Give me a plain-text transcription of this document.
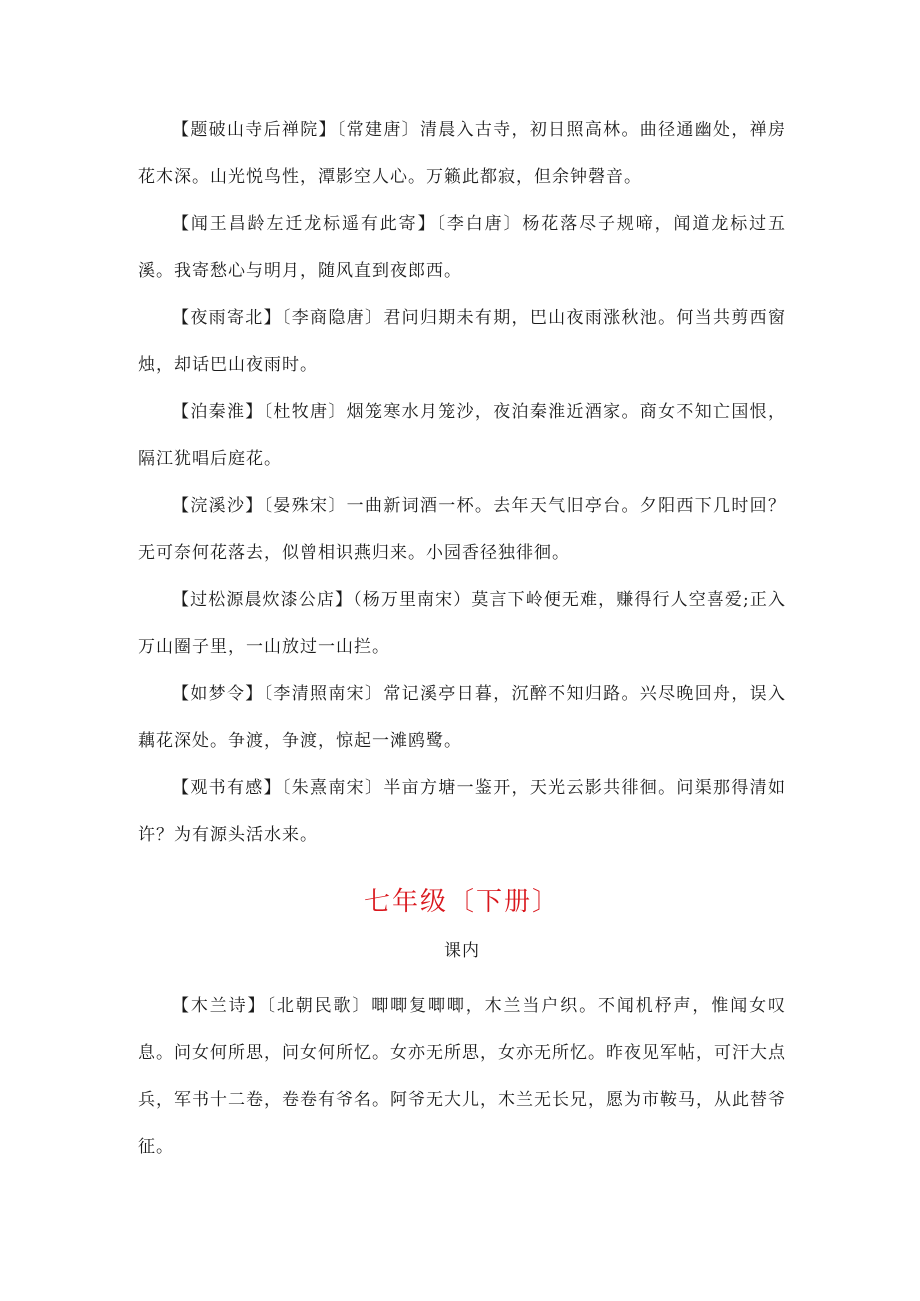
【题破山寺后禅院】〔常建唐〕清晨入古寺，初日照高林。曲径通幽处，禅房花木深。山光悦鸟性，潭影空人心。万籁此都寂，但余钟磬音。

【闻王昌龄左迁龙标遥有此寄】〔李白唐〕杨花落尽子规啼，闻道龙标过五溪。我寄愁心与明月，随风直到夜郎西。

【夜雨寄北】〔李商隐唐〕君问归期未有期，巴山夜雨涨秋池。何当共剪西窗烛，却话巴山夜雨时。

【泊秦淮】〔杜牧唐〕烟笼寒水月笼沙，夜泊秦淮近酒家。商女不知亡国恨，隔江犹唱后庭花。

【浣溪沙】〔晏殊宋〕一曲新词酒一杯。去年天气旧亭台。夕阳西下几时回？无可奈何花落去，似曾相识燕归来。小园香径独徘徊。

【过松源晨炊漆公店】（杨万里南宋）莫言下岭便无难，赚得行人空喜爱;正入万山圈子里，一山放过一山拦。

【如梦令】〔李清照南宋〕常记溪亭日暮，沉醉不知归路。兴尽晚回舟，误入藕花深处。争渡，争渡，惊起一滩鸥鹭。

【观书有感】〔朱熹南宋〕半亩方塘一鉴开，天光云影共徘徊。问渠那得清如许？为有源头活水来。

七年级〔下册〕
课内

【木兰诗】〔北朝民歌〕唧唧复唧唧，木兰当户织。不闻机杼声，惟闻女叹息。问女何所思，问女何所忆。女亦无所思，女亦无所忆。昨夜见军帖，可汗大点兵，军书十二卷，卷卷有爷名。阿爷无大儿，木兰无长兄，愿为市鞍马，从此替爷征。
